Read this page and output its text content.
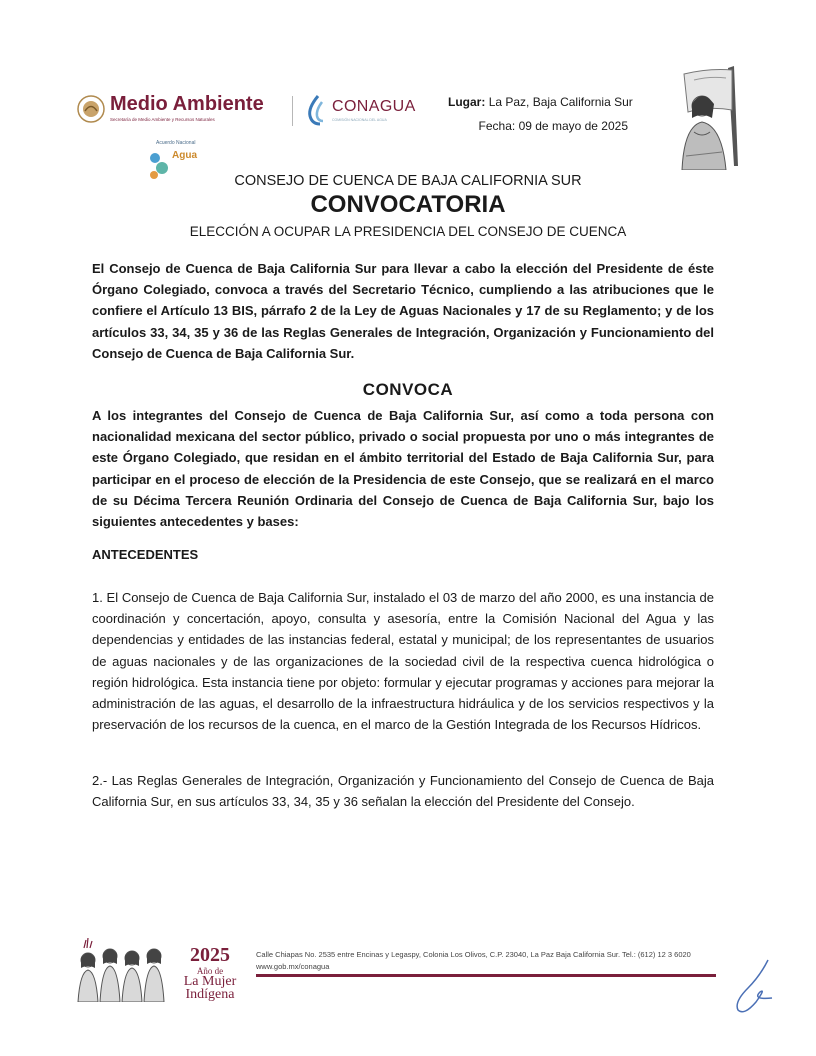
Medio Ambiente
Secretaría de Medio Ambiente y Recursos Naturales
CONAGUA
COMISIÓN NACIONAL DEL AGUA
Acuerdo Nacional
Agua
Lugar: La Paz, Baja California Sur
Fecha: 09 de mayo de 2025
CONSEJO DE CUENCA DE BAJA CALIFORNIA SUR
CONVOCATORIA
ELECCIÓN A OCUPAR LA PRESIDENCIA DEL CONSEJO DE CUENCA
El Consejo de Cuenca de Baja California Sur para llevar a cabo la elección del Presidente de éste Órgano Colegiado, convoca a través del Secretario Técnico, cumpliendo a las atribuciones que le confiere el Artículo 13 BIS, párrafo 2 de la Ley de Aguas Nacionales y 17 de su Reglamento; y de los artículos 33, 34, 35 y 36 de las Reglas Generales de Integración, Organización y Funcionamiento del Consejo de Cuenca de Baja California Sur.
CONVOCA
A los integrantes del Consejo de Cuenca de Baja California Sur, así como a toda persona con nacionalidad mexicana del sector público, privado o social propuesta por uno o más integrantes de este Órgano Colegiado, que residan en el ámbito territorial del Estado de Baja California Sur, para participar en el proceso de elección de la Presidencia de este Consejo, que se realizará en el marco de su Décima Tercera Reunión Ordinaria del Consejo de Cuenca de Baja California Sur, bajo los siguientes antecedentes y bases:
ANTECEDENTES
1. El Consejo de Cuenca de Baja California Sur, instalado el 03 de marzo del año 2000, es una instancia de coordinación y concertación, apoyo, consulta y asesoría, entre la Comisión Nacional del Agua y las dependencias y entidades de las instancias federal, estatal y municipal; de los representantes de usuarios de aguas nacionales y de las organizaciones de la sociedad civil de la respectiva cuenca hidrológica o región hidrológica. Esta instancia tiene por objeto: formular y ejecutar programas y acciones para mejorar la administración de las aguas, el desarrollo de la infraestructura hidráulica y de los servicios respectivos y la preservación de los recursos de la cuenca, en el marco de la Gestión Integrada de los Recursos Hídricos.
2.- Las Reglas Generales de Integración, Organización y Funcionamiento del Consejo de Cuenca de Baja California Sur, en sus artículos 33, 34, 35 y 36 señalan la elección del Presidente del Consejo.
2025
Año de
La Mujer
Indígena
Calle Chiapas No. 2535 entre Encinas y Legaspy, Colonia Los Olivos, C.P. 23040, La Paz Baja California Sur. Tel.: (612) 12 3 6020
www.gob.mx/conagua
